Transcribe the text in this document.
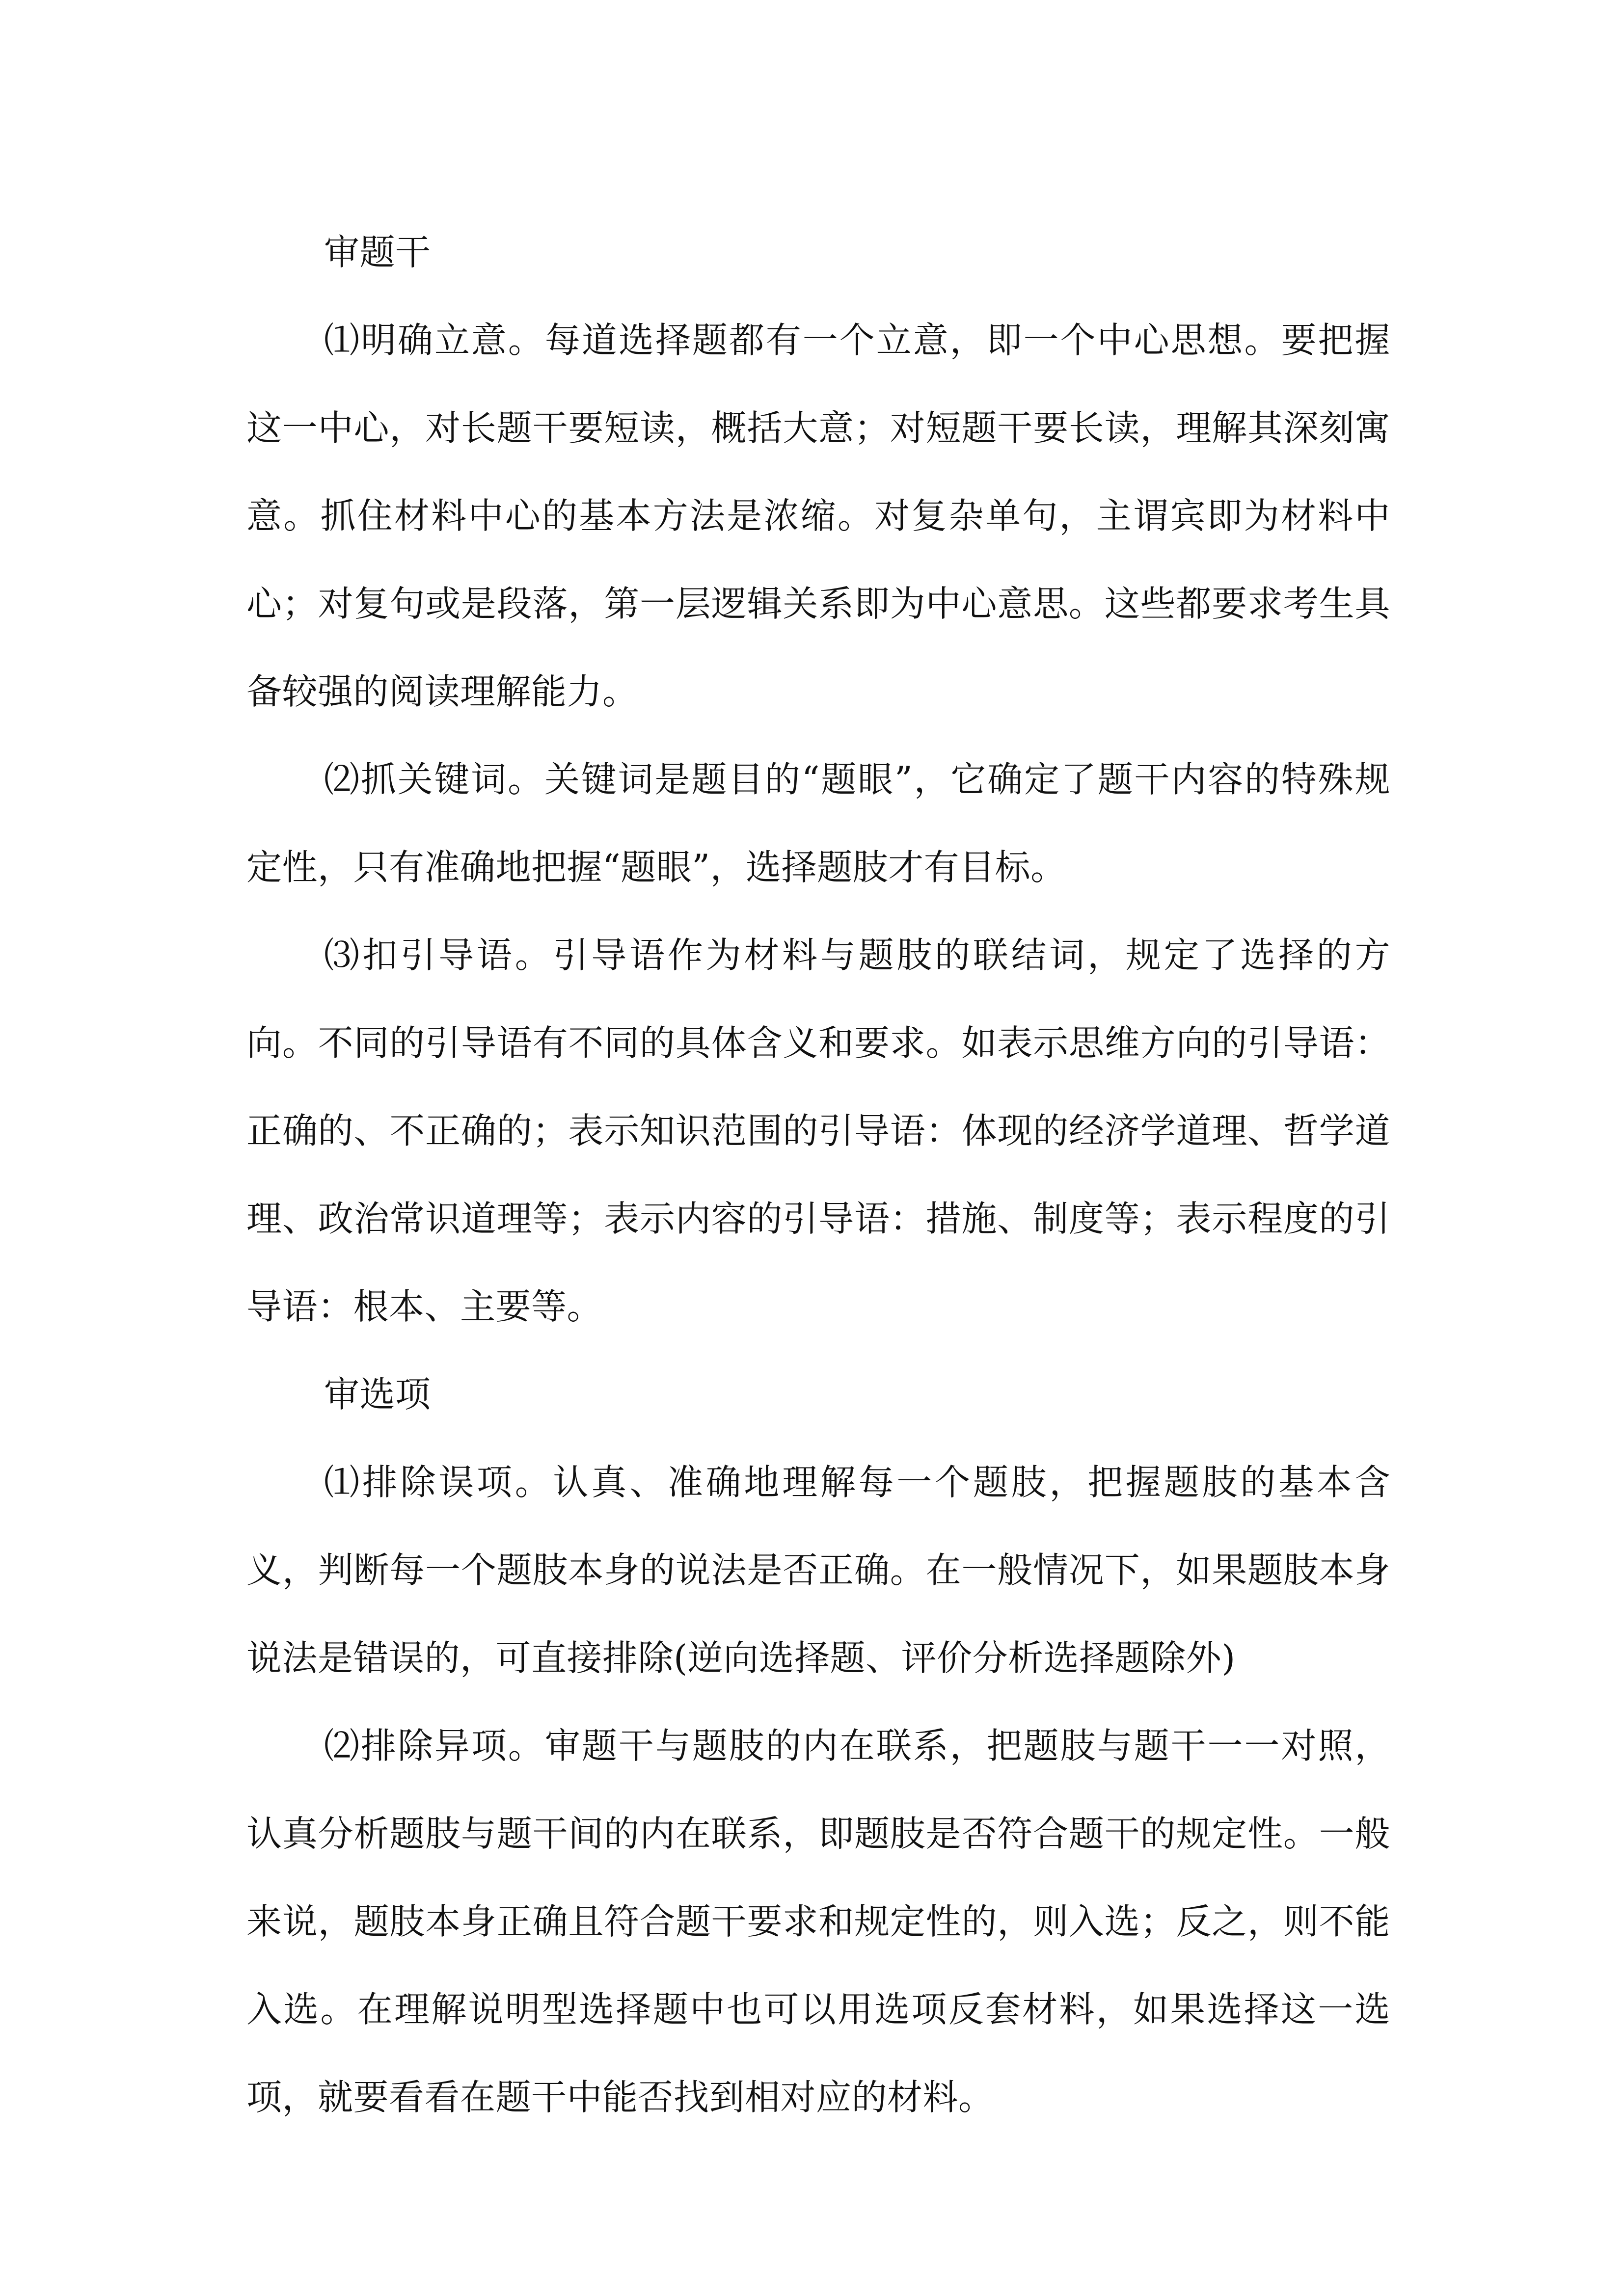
审题干

⑴明确立意。每道选择题都有一个立意，即一个中心思想。要把握这一中心，对长题干要短读，概括大意；对短题干要长读，理解其深刻寓意。抓住材料中心的基本方法是浓缩。对复杂单句，主谓宾即为材料中心；对复句或是段落，第一层逻辑关系即为中心意思。这些都要求考生具备较强的阅读理解能力。

⑵抓关键词。关键词是题目的“题眼”，它确定了题干内容的特殊规定性，只有准确地把握“题眼”，选择题肢才有目标。

⑶扣引导语。引导语作为材料与题肢的联结词，规定了选择的方向。不同的引导语有不同的具体含义和要求。如表示思维方向的引导语：正确的、不正确的；表示知识范围的引导语：体现的经济学道理、哲学道理、政治常识道理等；表示内容的引导语：措施、制度等；表示程度的引导语：根本、主要等。

审选项

⑴排除误项。认真、准确地理解每一个题肢，把握题肢的基本含义，判断每一个题肢本身的说法是否正确。在一般情况下，如果题肢本身说法是错误的，可直接排除(逆向选择题、评价分析选择题除外)

⑵排除异项。审题干与题肢的内在联系，把题肢与题干一一对照，认真分析题肢与题干间的内在联系，即题肢是否符合题干的规定性。一般来说，题肢本身正确且符合题干要求和规定性的，则入选；反之，则不能入选。在理解说明型选择题中也可以用选项反套材料，如果选择这一选项，就要看看在题干中能否找到相对应的材料。
